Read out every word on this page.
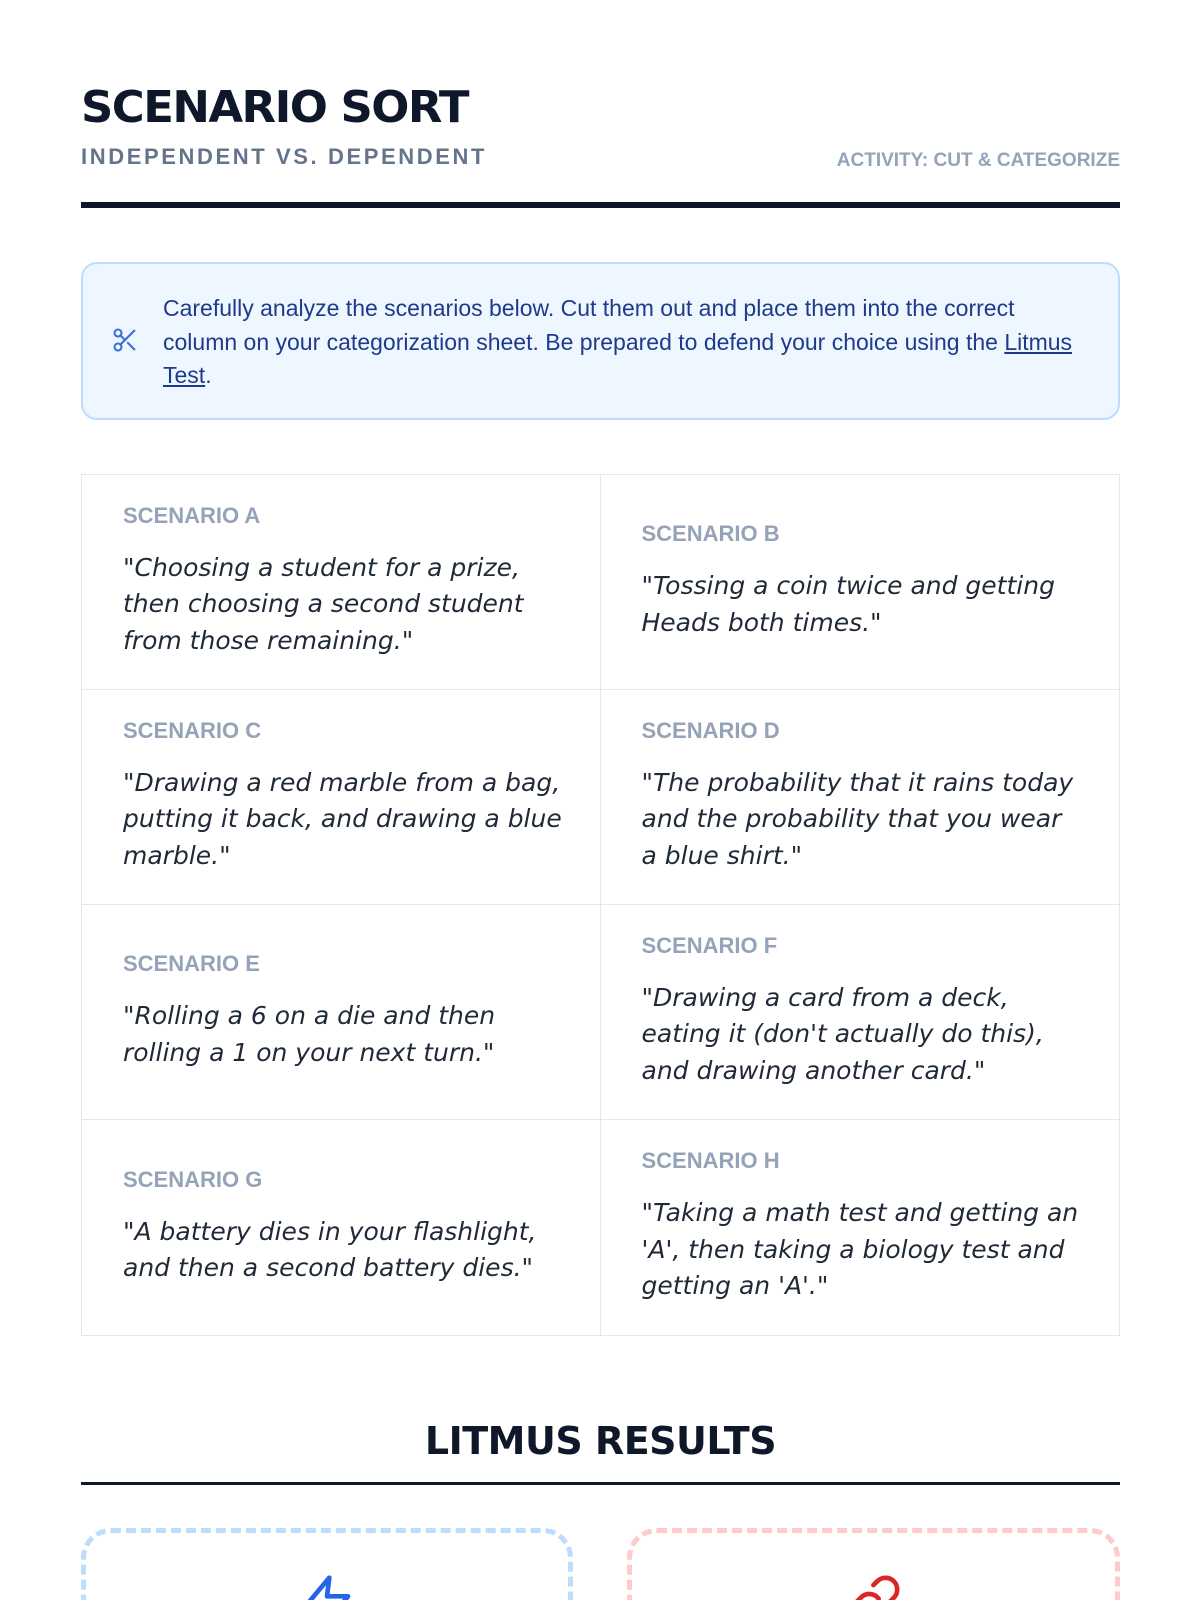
SCENARIO SORT
INDEPENDENT VS. DEPENDENT	ACTIVITY: CUT & CATEGORIZE

Carefully analyze the scenarios below. Cut them out and place them into the correct column on your categorization sheet. Be prepared to defend your choice using the Litmus Test.

SCENARIO A
"Choosing a student for a prize, then choosing a second student from those remaining."
SCENARIO B
"Tossing a coin twice and getting Heads both times."
SCENARIO C
"Drawing a red marble from a bag, putting it back, and drawing a blue marble."
SCENARIO D
"The probability that it rains today and the probability that you wear a blue shirt."
SCENARIO E
"Rolling a 6 on a die and then rolling a 1 on your next turn."
SCENARIO F
"Drawing a card from a deck, eating it (don't actually do this), and drawing another card."
SCENARIO G
"A battery dies in your flashlight, and then a second battery dies."
SCENARIO H
"Taking a math test and getting an 'A', then taking a biology test and getting an 'A'."
LITMUS RESULTS
